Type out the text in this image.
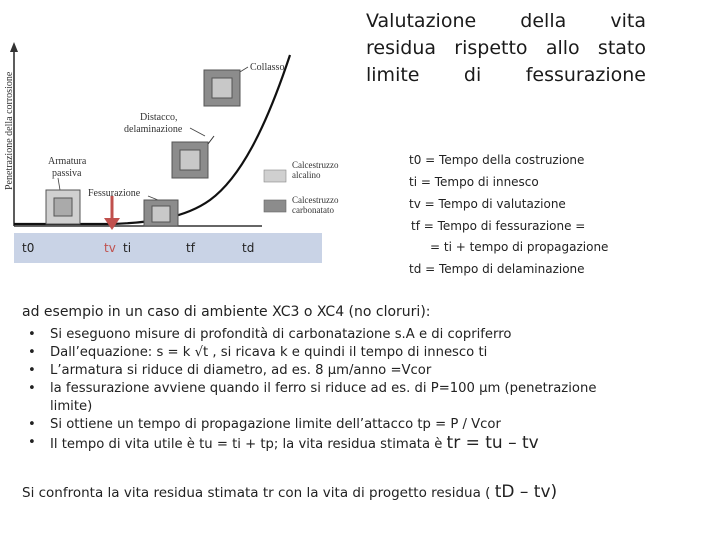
Valutazione della vita
residua rispetto allo stato
limite di fessurazione
Penetrazione della corrosione
Collasso
Distacco,
delaminazione
Armatura
passiva
Fessurazione
Calcestruzzo
alcalino
Calcestruzzo
carbonatato
t0	tv ti	tf	td
t0 = Tempo della costruzione
ti = Tempo di innesco
tv = Tempo di valutazione
tf = Tempo di fessurazione =
= ti + tempo di propagazione
td = Tempo di delaminazione
ad esempio in un caso di ambiente XC3 o XC4 (no cloruri):
• Si eseguono misure di profondità di carbonatazione s.A e di copriferro
• Dall’equazione: s = k √t , si ricava k e quindi il tempo di innesco ti
• L’armatura si riduce di diametro, ad es. 8 µm/anno =Vcor
• la fessurazione avviene quando il ferro si riduce ad es. di P=100 µm (penetrazione limite)
• Si ottiene un tempo di propagazione limite dell’attacco tp = P / Vcor
• Il tempo di vita utile è tu = ti + tp; la vita residua stimata è tr = tu – tv
Si confronta la vita residua stimata tr con la vita di progetto residua ( tD – tv)
